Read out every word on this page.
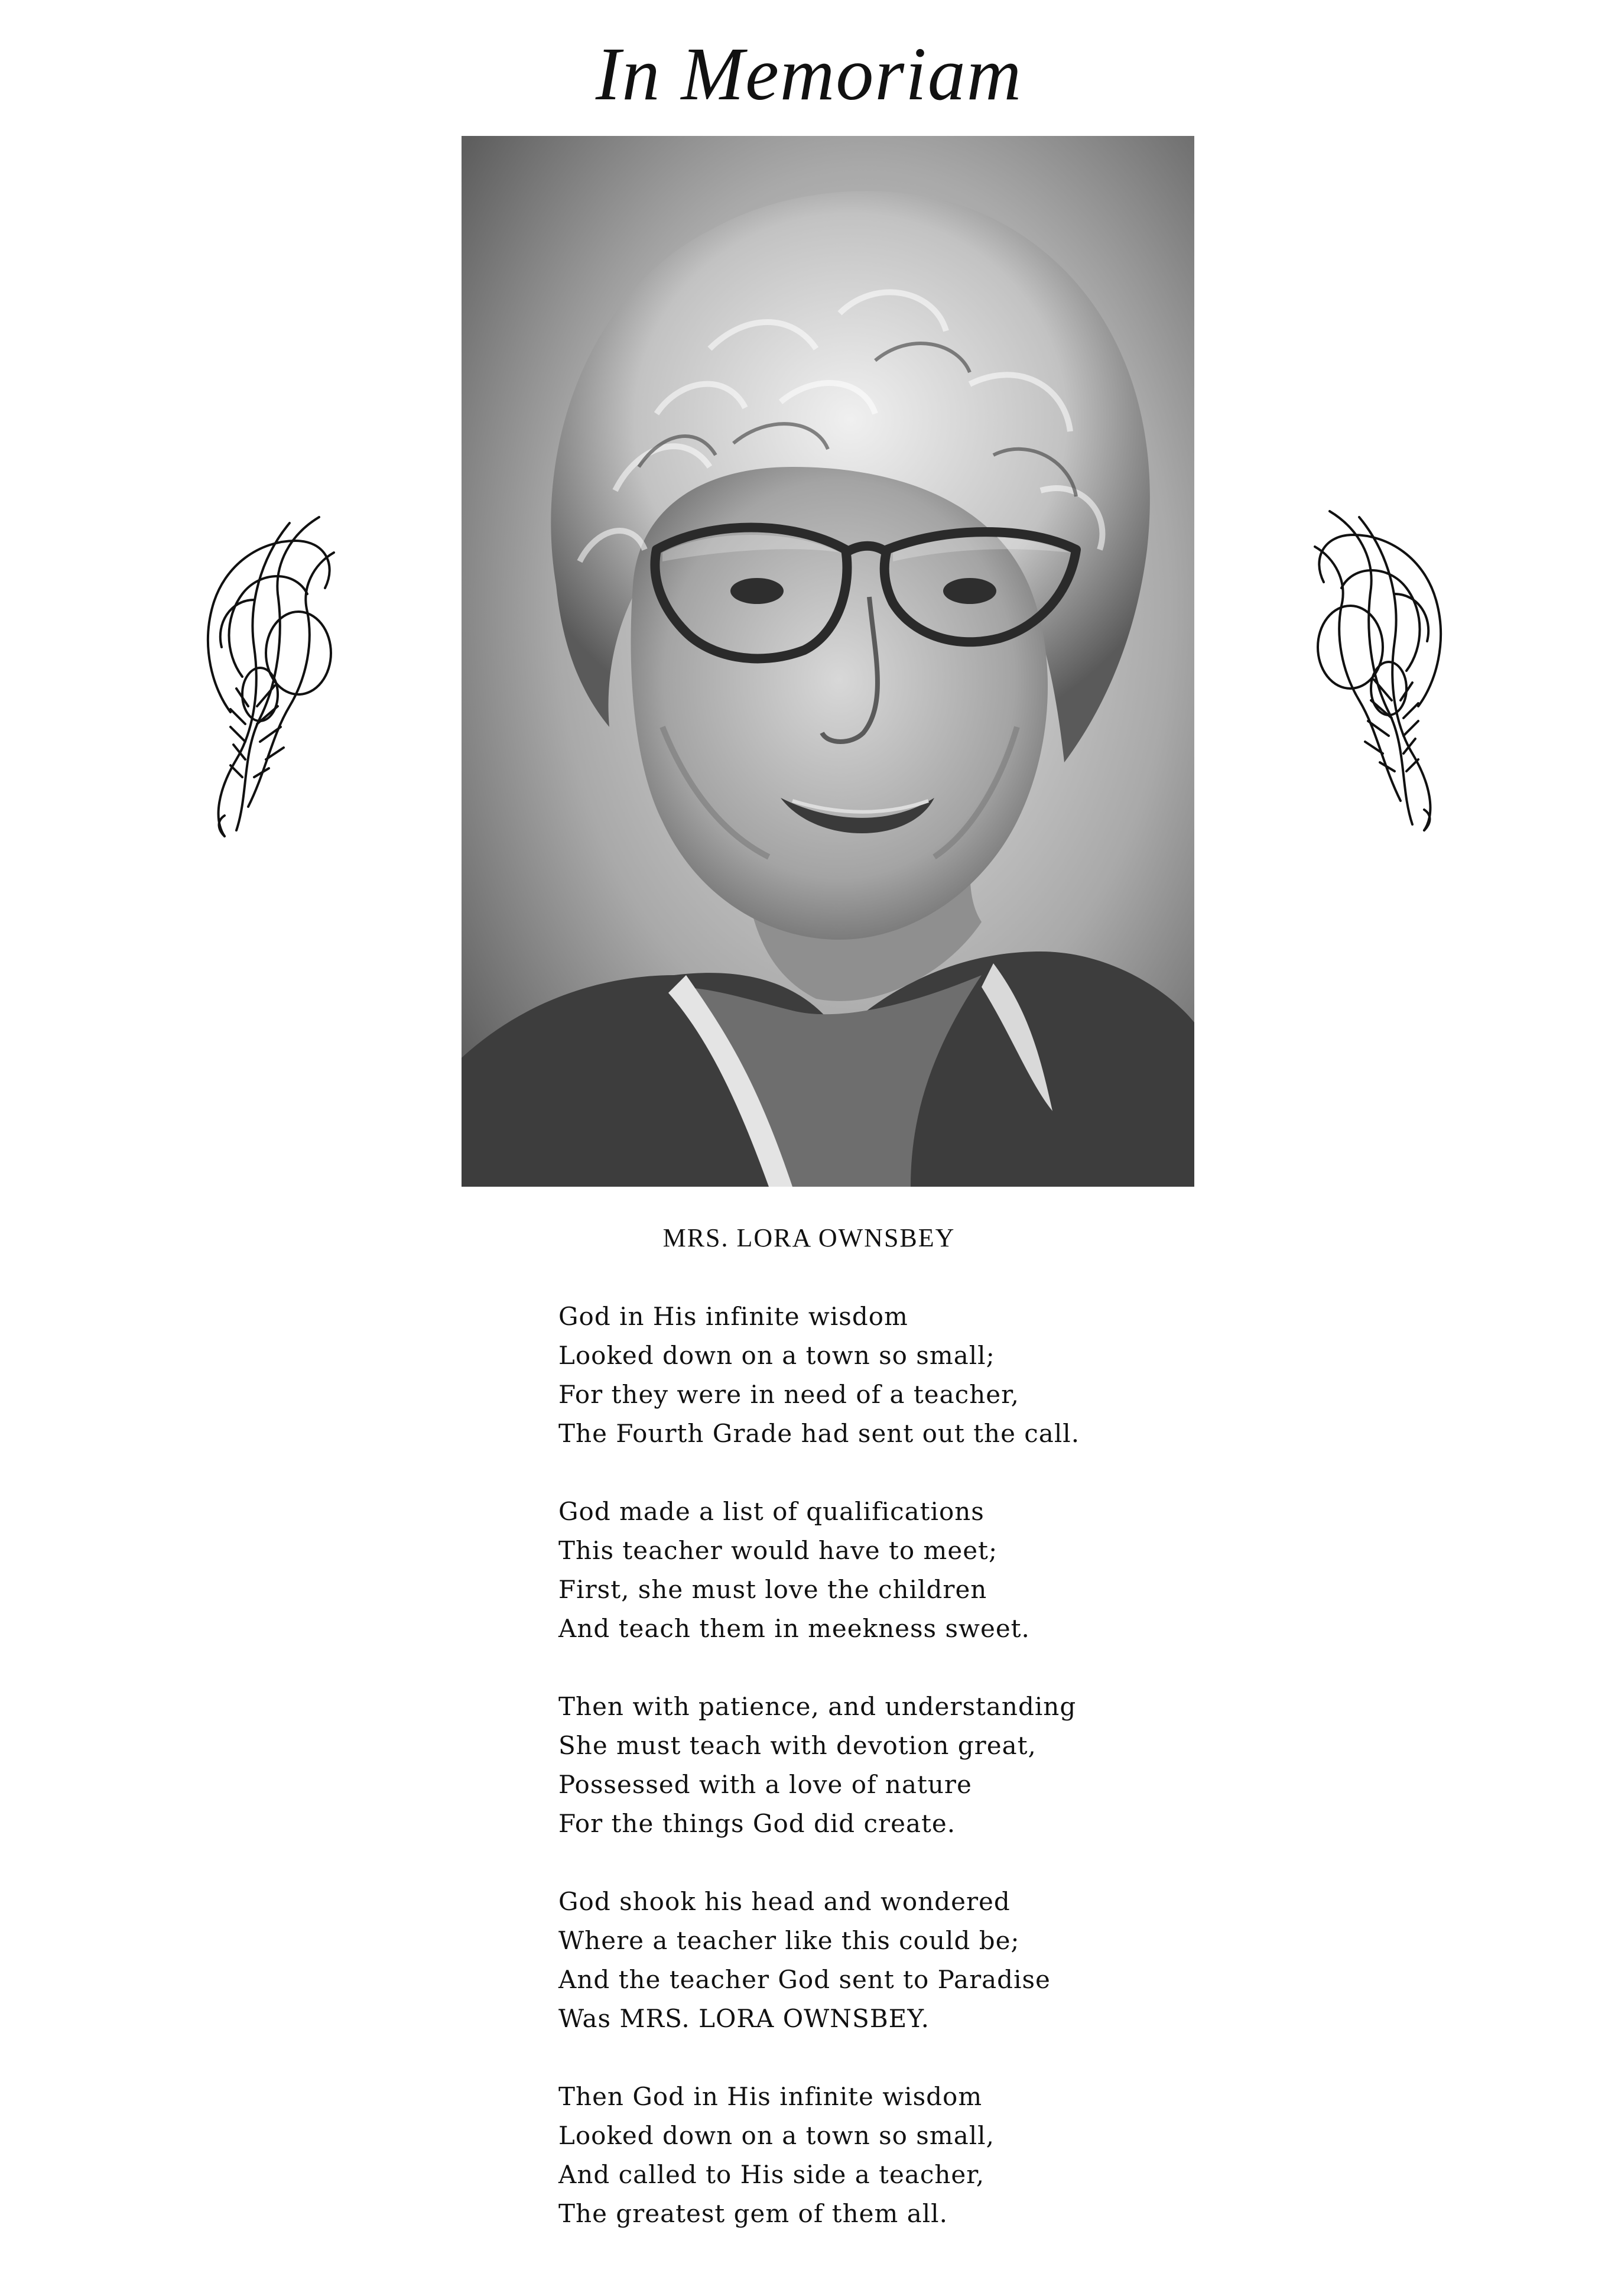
In Memoriam
MRS. LORA OWNSBEY
God in His infinite wisdom
Looked down on a town so small;
For they were in need of a teacher,
The Fourth Grade had sent out the call.
God made a list of qualifications
This teacher would have to meet;
First, she must love the children
And teach them in meekness sweet.
Then with patience, and understanding
She must teach with devotion great,
Possessed with a love of nature
For the things God did create.
God shook his head and wondered
Where a teacher like this could be;
And the teacher God sent to Paradise
Was MRS. LORA OWNSBEY.
Then God in His infinite wisdom
Looked down on a town so small,
And called to His side a teacher,
The greatest gem of them all.
